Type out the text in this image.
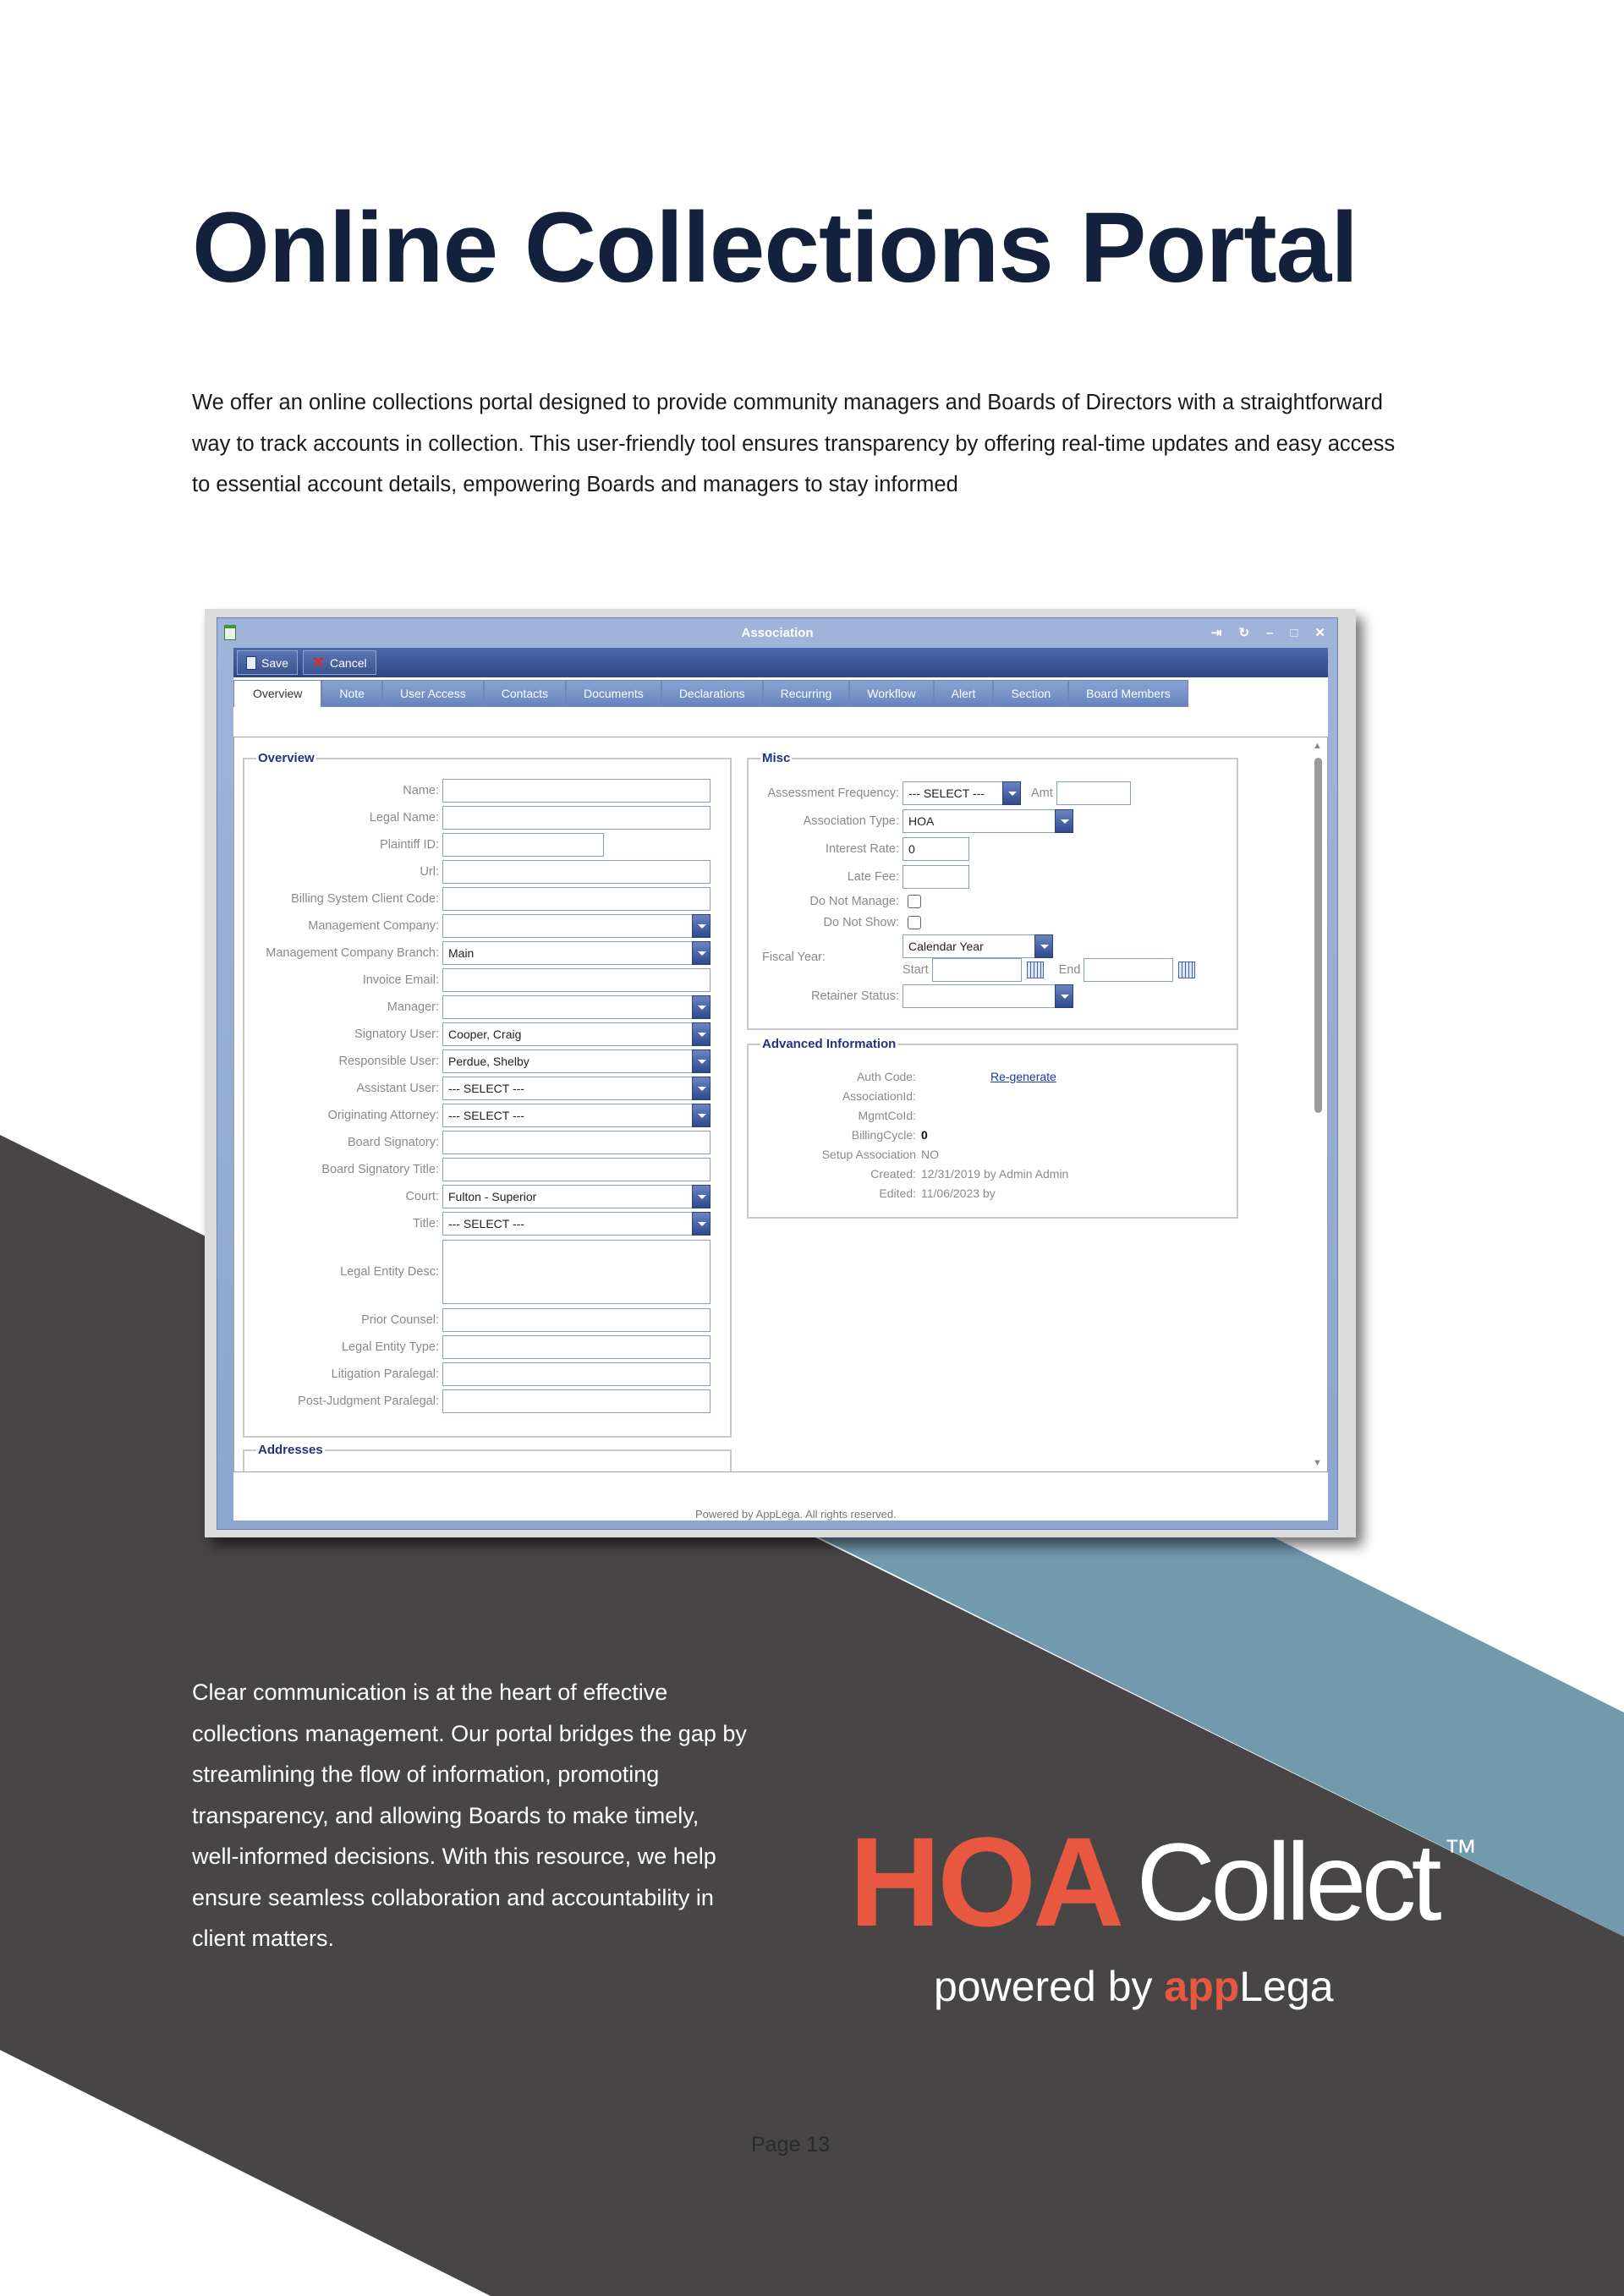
Online Collections Portal

We offer an online collections portal designed to provide community managers and Boards of Directors with a straightforward way to track accounts in collection. This user-friendly tool ensures transparency by offering real-time updates and easy access to essential account details, empowering Boards and managers to stay informed

Association	⇥ ↻ – □ ✕
Save ✕ Cancel
Overview	Note	User Access	Contacts	Documents	Declarations	Recurring	Workflow	Alert	Section	Board Members
Overview
Name:
Legal Name:
Plaintiff ID:
Url:
Billing System Client Code:
Management Company:
Management Company Branch: Main
Invoice Email:
Manager:
Signatory User: Cooper, Craig
Responsible User: Perdue, Shelby
Assistant User: --- SELECT ---
Originating Attorney: --- SELECT ---
Board Signatory:
Board Signatory Title:
Court: Fulton - Superior
Title: --- SELECT ---
Legal Entity Desc:
Prior Counsel:
Legal Entity Type:
Litigation Paralegal:
Post-Judgment Paralegal:
Addresses
Misc
Assessment Frequency: --- SELECT ---	Amt
Association Type: HOA
Interest Rate: 0
Late Fee:
Do Not Manage:
Do Not Show:
Fiscal Year:
Calendar Year
Start	End
Retainer Status:
Advanced Information
Auth Code:	Re-generate
AssociationId:
MgmtCoId:
BillingCycle: 0
Setup Association NO
Created: 12/31/2019 by Admin Admin
Edited: 11/06/2023 by
▲
▼
Powered by AppLega. All rights reserved.

Clear communication is at the heart of effective collections management. Our portal bridges the gap by streamlining the flow of information, promoting transparency, and allowing Boards to make timely, well-informed decisions. With this resource, we help ensure seamless collaboration and accountability in client matters.	HOA Collect ™
powered by appLega
Page 13
